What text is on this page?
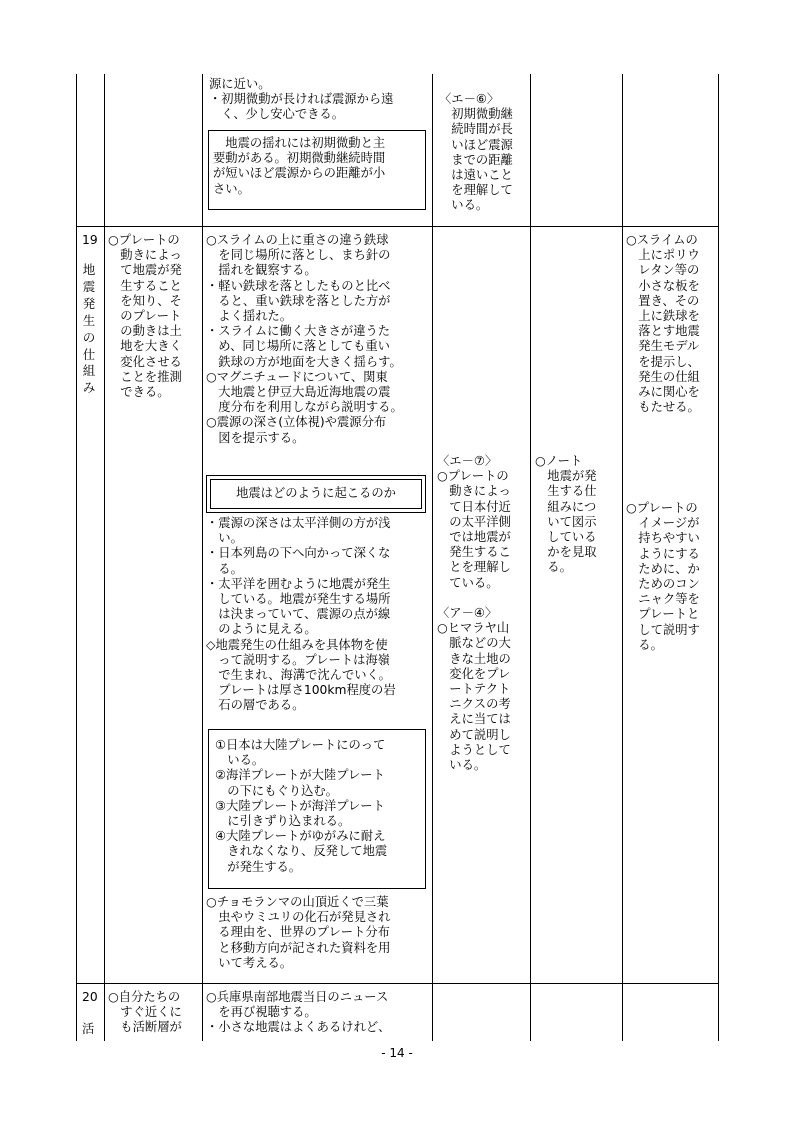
源に近い。
・初期微動が長ければ震源から遠
　く、少し安心できる。
　地震の揺れには初期微動と主
要動がある。初期微動継続時間
が短いほど震源からの距離が小
さい。
〈エ－⑥〉
　初期微動継
　続時間が長
　いほど震源
　までの距離
　は遠いこと
　を理解して
　いる。
19
地
震
発
生
の
仕
組
み
○プレートの
　動きによっ
　て地震が発
　生すること
　を知り、そ
　のプレート
　の動きは土
　地を大きく
　変化させる
　ことを推測
　できる。
○スライムの上に重さの違う鉄球
　を同じ場所に落とし、まち針の
　揺れを観察する。
・軽い鉄球を落としたものと比べ
　ると、重い鉄球を落とした方が
　よく揺れた。
・スライムに働く大きさが違うた
　め、同じ場所に落としても重い
　鉄球の方が地面を大きく揺らす。
○マグニチュードについて、関東
　大地震と伊豆大島近海地震の震
　度分布を利用しながら説明する。
○震源の深さ(立体視)や震源分布
　図を提示する。
地震はどのように起こるのか
・震源の深さは太平洋側の方が浅
　い。
・日本列島の下へ向かって深くな
　る。
・太平洋を囲むように地震が発生
　している。地震が発生する場所
　は決まっていて、震源の点が線
　のように見える。
◇地震発生の仕組みを具体物を使
　って説明する。プレートは海嶺
　で生まれ、海溝で沈んでいく。
　プレートは厚さ100km程度の岩
　石の層である。
①日本は大陸プレートにのって
　いる。
②海洋プレートが大陸プレート
　の下にもぐり込む。
③大陸プレートが海洋プレート
　に引きずり込まれる。
④大陸プレートがゆがみに耐え
　きれなくなり、反発して地震
　が発生する。
○チョモランマの山頂近くで三葉
　虫やウミユリの化石が発見され
　る理由を、世界のプレート分布
　と移動方向が記された資料を用
　いて考える。
〈エ－⑦〉
○プレートの
　動きによっ
　て日本付近
　の太平洋側
　では地震が
　発生するこ
　とを理解し
　ている。
〈ア－④〉
○ヒマラヤ山
　脈などの大
　きな土地の
　変化をプレ
　ートテクト
　ニクスの考
　えに当ては
　めて説明し
　ようとして
　いる。
○ノート
　地震が発
　生する仕
　組みにつ
　いて図示
　している
　かを見取
　る。
○スライムの
　上にポリウ
　レタン等の
　小さな板を
　置き、その
　上に鉄球を
　落とす地震
　発生モデル
　を提示し、
　発生の仕組
　みに関心を
　もたせる。
○プレートの
　イメージが
　持ちやすい
　ようにする
　ために、か
　ためのコン
　ニャク等を
　プレートと
　して説明す
　る。
20
活
○自分たちの
　すぐ近くに
　も活断層が
○兵庫県南部地震当日のニュース
　を再び視聴する。
・小さな地震はよくあるけれど、
- 14 -
